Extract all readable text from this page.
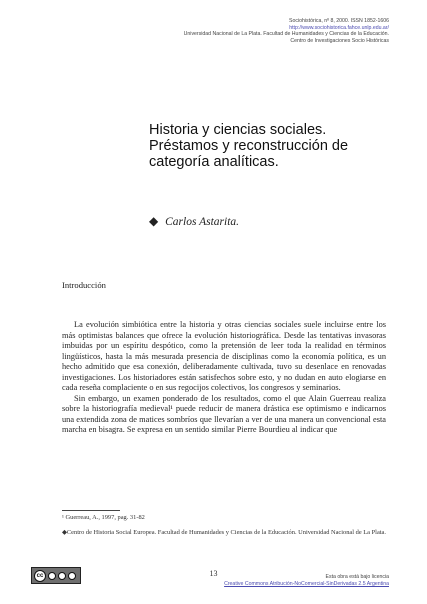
Sociohistórica, nº 8, 2000. ISSN 1852-1606
http://www.sociohistorica.fahce.unlp.edu.ar/
Universidad Nacional de La Plata. Facultad de Humanidades y Ciencias de la Educación.
Centro de Investigaciones Socio Históricas
Historia y ciencias sociales.
Préstamos y reconstrucción de
categoría analíticas.
◆ Carlos Astarita.
Introducción

La evolución simbiótica entre la historia y otras ciencias sociales suele incluirse entre los más optimistas balances que ofrece la evolución historiográfica. Desde las tentativas invasoras imbuidas por un espíritu despótico, como la pretensión de leer toda la realidad en términos lingüísticos, hasta la más mesurada presencia de disciplinas como la economía política, es un hecho admitido que esa conexión, deliberadamente cultivada, tuvo su desenlace en renovadas investigaciones. Los historiadores están satisfechos sobre esto, y no dudan en auto elogiarse en cada reseña complaciente o en sus regocijos colectivos, los congresos y seminarios.

Sin embargo, un examen ponderado de los resultados, como el que Alain Guerreau realiza sobre la historiografía medieval¹ puede reducir de manera drástica ese optimismo e indicarnos una extendida zona de matices sombríos que llevarían a ver de una manera un convencional esta marcha en bisagra. Se expresa en un sentido similar Pierre Bourdieu al indicar que

¹ Guerreau, A., 1997, pag. 31-82
◆Centro de Historia Social Europea. Facultad de Humanidades y Ciencias de la Educación. Universidad Nacional de La Plata.
cc	13	Esta obra está bajo licencia
Creative Commons Atribución-NoComercial-SinDerivadas 2.5 Argentina
